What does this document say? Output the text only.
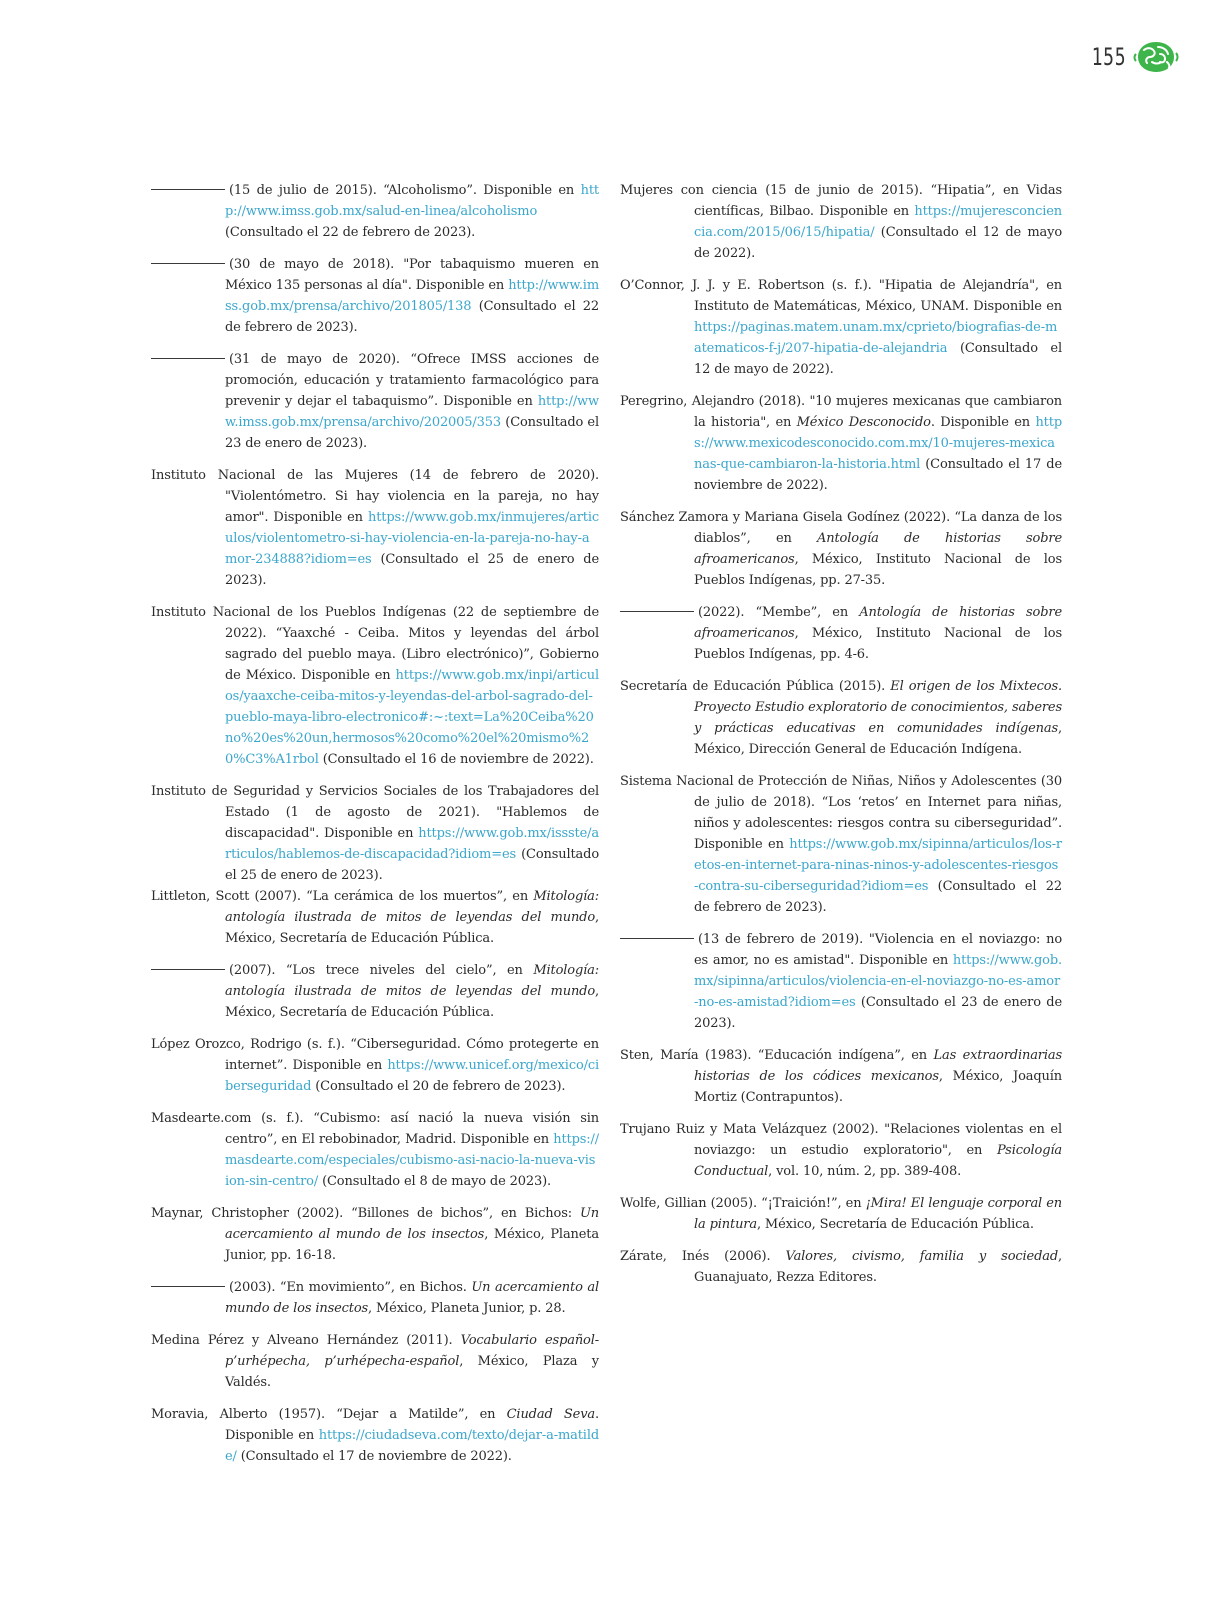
155

(15 de julio de 2015). “Alcoholismo”. Disponible en http://www.imss.gob.mx/salud-en-linea/alcoholismo (Consultado el 22 de febrero de 2023).

(30 de mayo de 2018). "Por tabaquismo mueren en México 135 personas al día". Disponible en http://www.imss.gob.mx/prensa/archivo/201805/138 (Consultado el 22 de febrero de 2023).

(31 de mayo de 2020). “Ofrece IMSS acciones de promoción, educación y tratamiento farmacológico para prevenir y dejar el tabaquismo”. Disponible en http://www.imss.gob.mx/prensa/archivo/202005/353 (Consultado el 23 de enero de 2023).

Instituto Nacional de las Mujeres (14 de febrero de 2020). "Violentómetro. Si hay violencia en la pareja, no hay amor". Disponible en https://www.gob.mx/inmujeres/articulos/violentometro-si-hay-violencia-en-la-pareja-no-hay-amor-234888?idiom=es (Consultado el 25 de enero de 2023).

Instituto Nacional de los Pueblos Indígenas (22 de septiembre de 2022). “Yaaxché - Ceiba. Mitos y leyendas del árbol sagrado del pueblo maya. (Libro electrónico)”, Gobierno de México. Disponible en https://www.gob.mx/inpi/articulos/yaaxche-ceiba-mitos-y-leyendas-del-arbol-sagrado-del-pueblo-maya-libro-electronico#:~:text=La%20Ceiba%20no%20es%20un,hermosos%20como%20el%20mismo%20%C3%A1rbol (Consultado el 16 de noviembre de 2022).

Instituto de Seguridad y Servicios Sociales de los Trabajadores del Estado (1 de agosto de 2021). "Hablemos de discapacidad". Disponible en https://www.gob.mx/issste/articulos/hablemos-de-discapacidad?idiom=es (Consultado el 25 de enero de 2023).

Littleton, Scott (2007). “La cerámica de los muertos”, en Mitología: antología ilustrada de mitos de leyendas del mundo, México, Secretaría de Educación Pública.

(2007). “Los trece niveles del cielo”, en Mitología: antología ilustrada de mitos de leyendas del mundo, México, Secretaría de Educación Pública.

López Orozco, Rodrigo (s. f.). “Ciberseguridad. Cómo protegerte en internet”. Disponible en https://www.unicef.org/mexico/ciberseguridad (Consultado el 20 de febrero de 2023).

Masdearte.com (s. f.). “Cubismo: así nació la nueva visión sin centro”, en El rebobinador, Madrid. Disponible en https://masdearte.com/especiales/cubismo-asi-nacio-la-nueva-vision-sin-centro/ (Consultado el 8 de mayo de 2023).

Maynar, Christopher (2002). “Billones de bichos”, en Bichos: Un acercamiento al mundo de los insectos, México, Planeta Junior, pp. 16-18.

(2003). “En movimiento”, en Bichos. Un acercamiento al mundo de los insectos, México, Planeta Junior, p. 28.

Medina Pérez y Alveano Hernández (2011). Vocabulario español-p’urhépecha, p’urhépecha-español, México, Plaza y Valdés.

Moravia, Alberto (1957). “Dejar a Matilde”, en Ciudad Seva. Disponible en https://ciudadseva.com/texto/dejar-a-matilde/ (Consultado el 17 de noviembre de 2022).

Mujeres con ciencia (15 de junio de 2015). “Hipatia”, en Vidas científicas, Bilbao. Disponible en https://mujeresconciencia.com/2015/06/15/hipatia/ (Consultado el 12 de mayo de 2022).

O’Connor, J. J. y E. Robertson (s. f.). "Hipatia de Alejandría", en Instituto de Matemáticas, México, UNAM. Disponible en https://paginas.matem.unam.mx/cprieto/biografias-de-matematicos-f-j/207-hipatia-de-alejandria (Consultado el 12 de mayo de 2022).

Peregrino, Alejandro (2018). "10 mujeres mexicanas que cambiaron la historia", en México Desconocido. Disponible en https://www.mexicodesconocido.com.mx/10-mujeres-mexicanas-que-cambiaron-la-historia.html (Consultado el 17 de noviembre de 2022).

Sánchez Zamora y Mariana Gisela Godínez (2022). “La danza de los diablos”, en Antología de historias sobre afroamericanos, México, Instituto Nacional de los Pueblos Indígenas, pp. 27-35.

(2022). “Membe”, en Antología de historias sobre afroamericanos, México, Instituto Nacional de los Pueblos Indígenas, pp. 4-6.

Secretaría de Educación Pública (2015). El origen de los Mixtecos. Proyecto Estudio exploratorio de conocimientos, saberes y prácticas educativas en comunidades indígenas, México, Dirección General de Educación Indígena.

Sistema Nacional de Protección de Niñas, Niños y Adolescentes (30 de julio de 2018). “Los ‘retos’ en Internet para niñas, niños y adolescentes: riesgos contra su ciberseguridad”. Disponible en https://www.gob.mx/sipinna/articulos/los-retos-en-internet-para-ninas-ninos-y-adolescentes-riesgos-contra-su-ciberseguridad?idiom=es (Consultado el 22 de febrero de 2023).

(13 de febrero de 2019). "Violencia en el noviazgo: no es amor, no es amistad". Disponible en https://www.gob.mx/sipinna/articulos/violencia-en-el-noviazgo-no-es-amor-no-es-amistad?idiom=es (Consultado el 23 de enero de 2023).

Sten, María (1983). “Educación indígena”, en Las extraordinarias historias de los códices mexicanos, México, Joaquín Mortiz (Contrapuntos).

Trujano Ruiz y Mata Velázquez (2002). "Relaciones violentas en el noviazgo: un estudio exploratorio", en Psicología Conductual, vol. 10, núm. 2, pp. 389-408.

Wolfe, Gillian (2005). “¡Traición!”, en ¡Mira! El lenguaje corporal en la pintura, México, Secretaría de Educación Pública.

Zárate, Inés (2006). Valores, civismo, familia y sociedad, Guanajuato, Rezza Editores.
